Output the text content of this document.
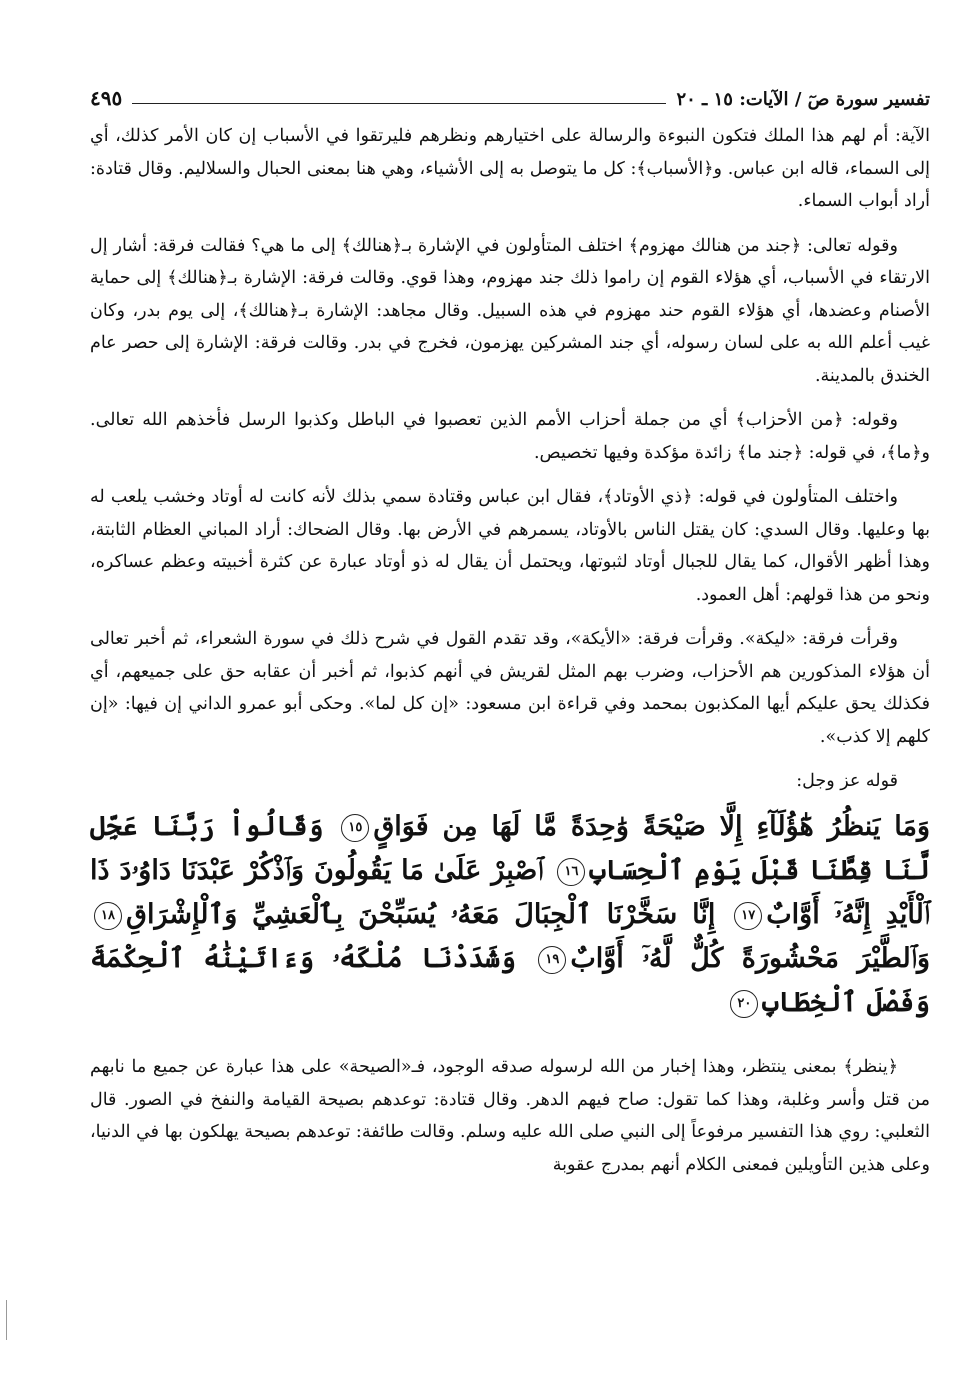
تفسير سورة صٓ / الآيات: ١٥ ـ ٢٠
٤٩٥

الآية: أم لهم هذا الملك فتكون النبوءة والرسالة على اختيارهم ونظرهم فليرتقوا في الأسباب إن كان الأمر كذلك، أي إلى السماء، قاله ابن عباس. و﴿الأسباب﴾: كل ما يتوصل به إلى الأشياء، وهي هنا بمعنى الحبال والسلاليم. وقال قتادة: أراد أبواب السماء.

وقوله تعالى: ﴿جند من هنالك مهزوم﴾ اختلف المتأولون في الإشارة بـ﴿هنالك﴾ إلى ما هي؟ فقالت فرقة: أشار إل الارتقاء في الأسباب، أي هؤلاء القوم إن راموا ذلك جند مهزوم، وهذا قوي. وقالت فرقة: الإشارة بـ﴿هنالك﴾ إلى حماية الأصنام وعضدها، أي هؤلاء القوم حند مهزوم في هذه السبيل. وقال مجاهد: الإشارة بـ﴿هنالك﴾، إلى يوم بدر، وكان غيب أعلم الله به على لسان رسوله، أي جند المشركين يهزمون، فخرج في بدر. وقالت فرقة: الإشارة إلى حصر عام الخندق بالمدينة.

وقوله: ﴿من الأحزاب﴾ أي من جملة أحزاب الأمم الذين تعصبوا في الباطل وكذبوا الرسل فأخذهم الله تعالى. و﴿ما﴾، في قوله: ﴿جند ما﴾ زائدة مؤكدة وفيها تخصيص.

واختلف المتأولون في قوله: ﴿ذي الأوتاد﴾، فقال ابن عباس وقتادة سمي بذلك لأنه كانت له أوتاد وخشب يلعب له بها وعليها. وقال السدي: كان يقتل الناس بالأوتاد، يسمرهم في الأرض بها. وقال الضحاك: أراد المباني العظام الثابتة، وهذا أظهر الأقوال، كما يقال للجبال أوتاد لثبوتها، ويحتمل أن يقال له ذو أوتاد عبارة عن كثرة أخبيته وعظم عساكره، ونحو من هذا قولهم: أهل العمود.

وقرأت فرقة: «ليكة». وقرأت فرقة: «الأيكة»، وقد تقدم القول في شرح ذلك في سورة الشعراء، ثم أخبر تعالى أن هؤلاء المذكورين هم الأحزاب، وضرب بهم المثل لقريش في أنهم كذبوا، ثم أخبر أن عقابه حق على جميعهم، أي فكذلك يحق عليكم أيها المكذبون بمحمد وفي قراءة ابن مسعود: «إن كل لما». وحكى أبو عمرو الداني إن فيها: «إن كلهم إلا كذب».

قوله عز وجل:

وَمَا يَنظُرُ هَٰٓؤُلَآءِ إِلَّا صَيْحَةً وَٰحِدَةً مَّا لَهَا مِن فَوَاقٍ١٥ وَقَالُواْ رَبَّنَا عَجِّل لَّنَا قِطَّنَا قَبْلَ يَوْمِ ٱلْحِسَابِ١٦ ٱصْبِرْ عَلَىٰ مَا يَقُولُونَ وَٱذْكُرْ عَبْدَنَا دَاوُۥدَ ذَا ٱلْأَيْدِ إِنَّهُۥٓ أَوَّابٌ١٧ إِنَّا سَخَّرْنَا ٱلْجِبَالَ مَعَهُۥ يُسَبِّحْنَ بِٱلْعَشِيِّ وَٱلْإِشْرَاقِ١٨ وَٱلطَّيْرَ مَحْشُورَةً كُلٌّ لَّهُۥٓ أَوَّابٌ١٩ وَشَدَدْنَا مُلْكَهُۥ وَءَاتَيْنَٰهُ ٱلْحِكْمَةَ وَفَصْلَ ٱلْخِطَابِ٢٠

﴿ينظر﴾ بمعنى ينتظر، وهذا إخبار من الله لرسوله صدقه الوجود، فـ«الصيحة» على هذا عبارة عن جميع ما نابهم من قتل وأسر وغلبة، وهذا كما تقول: صاح فيهم الدهر. وقال قتادة: توعدهم بصيحة القيامة والنفخ في الصور. قال الثعلبي: روي هذا التفسير مرفوعاً إلى النبي صلى الله عليه وسلم. وقالت طائفة: توعدهم بصيحة يهلكون بها في الدنيا، وعلى هذين التأويلين فمعنى الكلام أنهم بمدرج عقوبة
